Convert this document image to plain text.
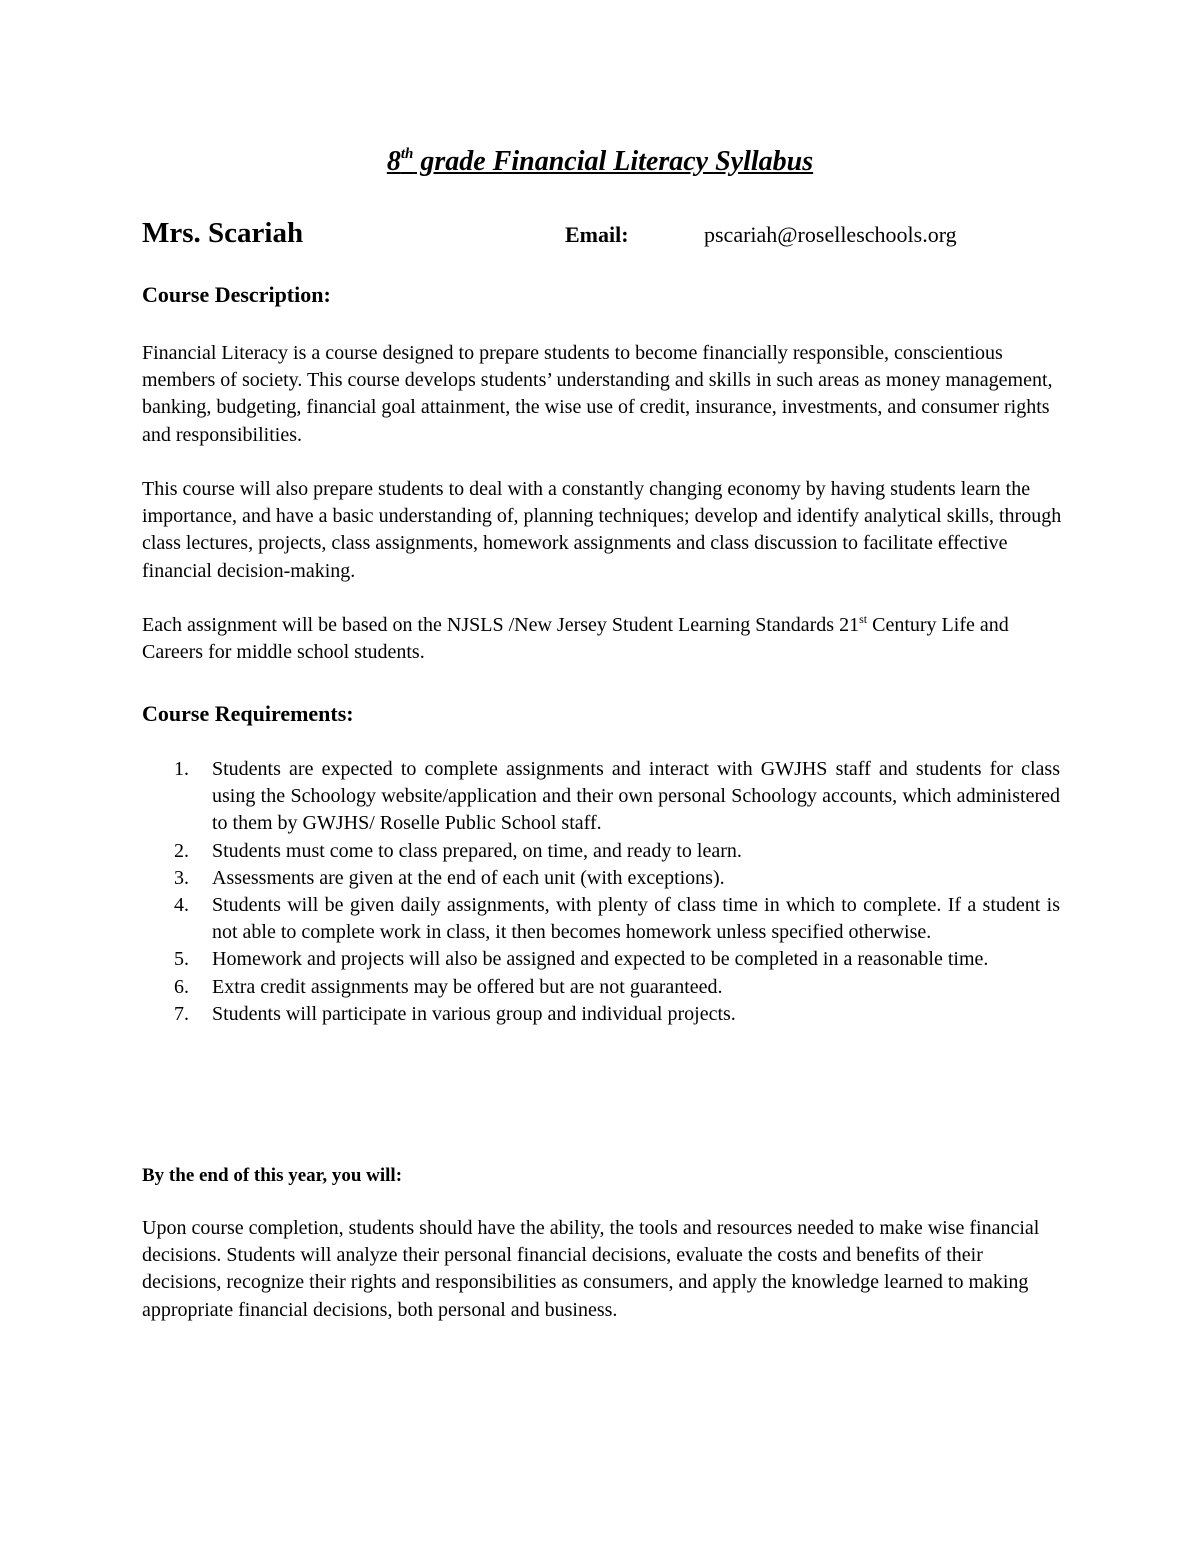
8th grade Financial Literacy Syllabus
Mrs. Scariah	Email:	pscariah@roselleschools.org
Course Description:
Financial Literacy is a course designed to prepare students to become financially responsible, conscientious members of society. This course develops students’ understanding and skills in such areas as money management, banking, budgeting, financial goal attainment, the wise use of credit, insurance, investments, and consumer rights and responsibilities.
This course will also prepare students to deal with a constantly changing economy by having students learn the importance, and have a basic understanding of, planning techniques; develop and identify analytical skills, through class lectures, projects, class assignments, homework assignments and class discussion to facilitate effective financial decision-making.
Each assignment will be based on the NJSLS /New Jersey Student Learning Standards 21st Century Life and Careers for middle school students.
Course Requirements:
1. Students are expected to complete assignments and interact with GWJHS staff and students for class using the Schoology website/application and their own personal Schoology accounts, which administered to them by GWJHS/ Roselle Public School staff.
2. Students must come to class prepared, on time, and ready to learn.
3. Assessments are given at the end of each unit (with exceptions).
4. Students will be given daily assignments, with plenty of class time in which to complete. If a student is not able to complete work in class, it then becomes homework unless specified otherwise.
5. Homework and projects will also be assigned and expected to be completed in a reasonable time.
6. Extra credit assignments may be offered but are not guaranteed.
7. Students will participate in various group and individual projects.
By the end of this year, you will:
Upon course completion, students should have the ability, the tools and resources needed to make wise financial decisions. Students will analyze their personal financial decisions, evaluate the costs and benefits of their decisions, recognize their rights and responsibilities as consumers, and apply the knowledge learned to making appropriate financial decisions, both personal and business.
